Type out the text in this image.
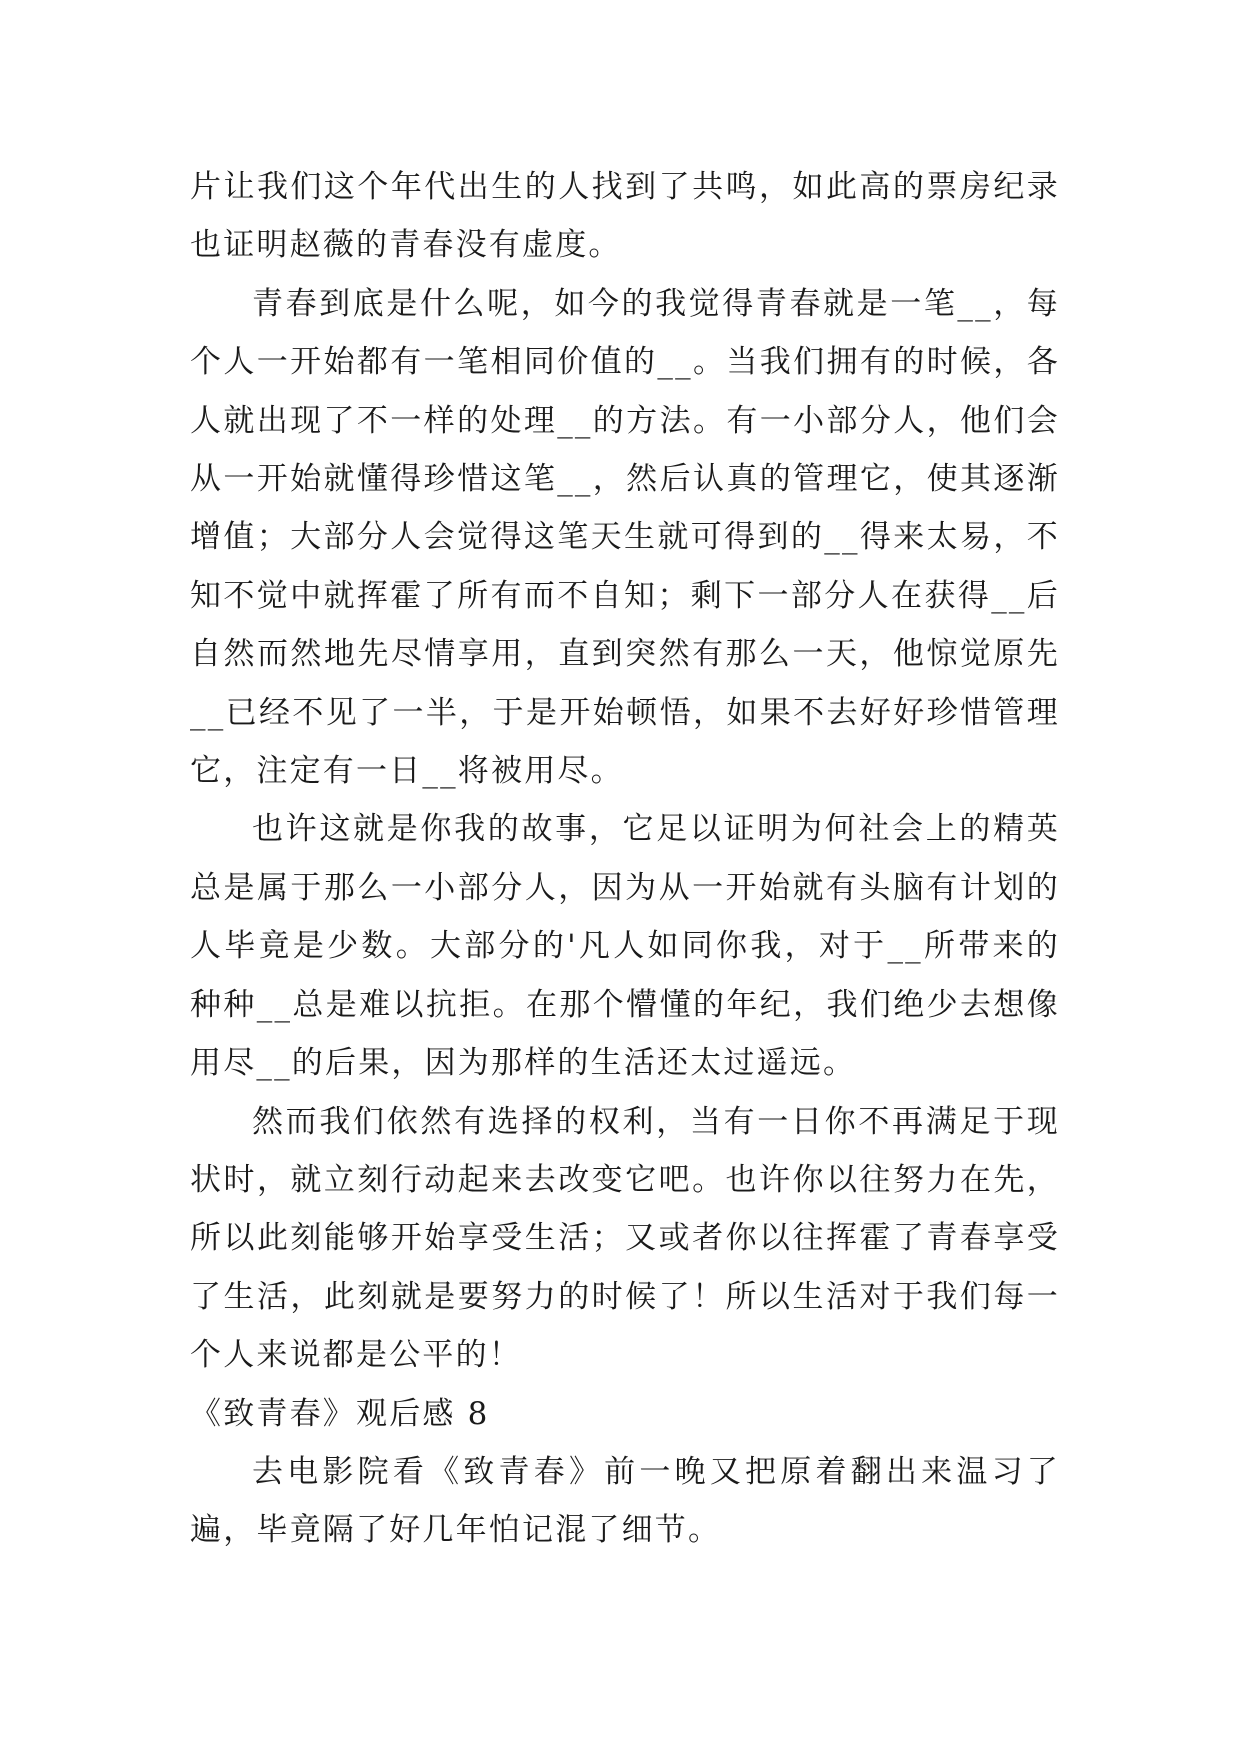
片让我们这个年代出生的人找到了共鸣，如此高的票房纪录也证明赵薇的青春没有虚度。

青春到底是什么呢，如今的我觉得青春就是一笔__，每个人一开始都有一笔相同价值的__。当我们拥有的时候，各人就出现了不一样的处理__的方法。有一小部分人，他们会从一开始就懂得珍惜这笔__，然后认真的管理它，使其逐渐增值；大部分人会觉得这笔天生就可得到的__得来太易，不知不觉中就挥霍了所有而不自知；剩下一部分人在获得__后自然而然地先尽情享用，直到突然有那么一天，他惊觉原先__已经不见了一半，于是开始顿悟，如果不去好好珍惜管理它，注定有一日__将被用尽。

也许这就是你我的故事，它足以证明为何社会上的精英总是属于那么一小部分人，因为从一开始就有头脑有计划的人毕竟是少数。大部分的'凡人如同你我，对于__所带来的种种__总是难以抗拒。在那个懵懂的年纪，我们绝少去想像用尽__的后果，因为那样的生活还太过遥远。

然而我们依然有选择的权利，当有一日你不再满足于现状时，就立刻行动起来去改变它吧。也许你以往努力在先，所以此刻能够开始享受生活；又或者你以往挥霍了青春享受了生活，此刻就是要努力的时候了！所以生活对于我们每一个人来说都是公平的！

《致青春》观后感 8

去电影院看《致青春》前一晚又把原着翻出来温习了遍，毕竟隔了好几年怕记混了细节。
